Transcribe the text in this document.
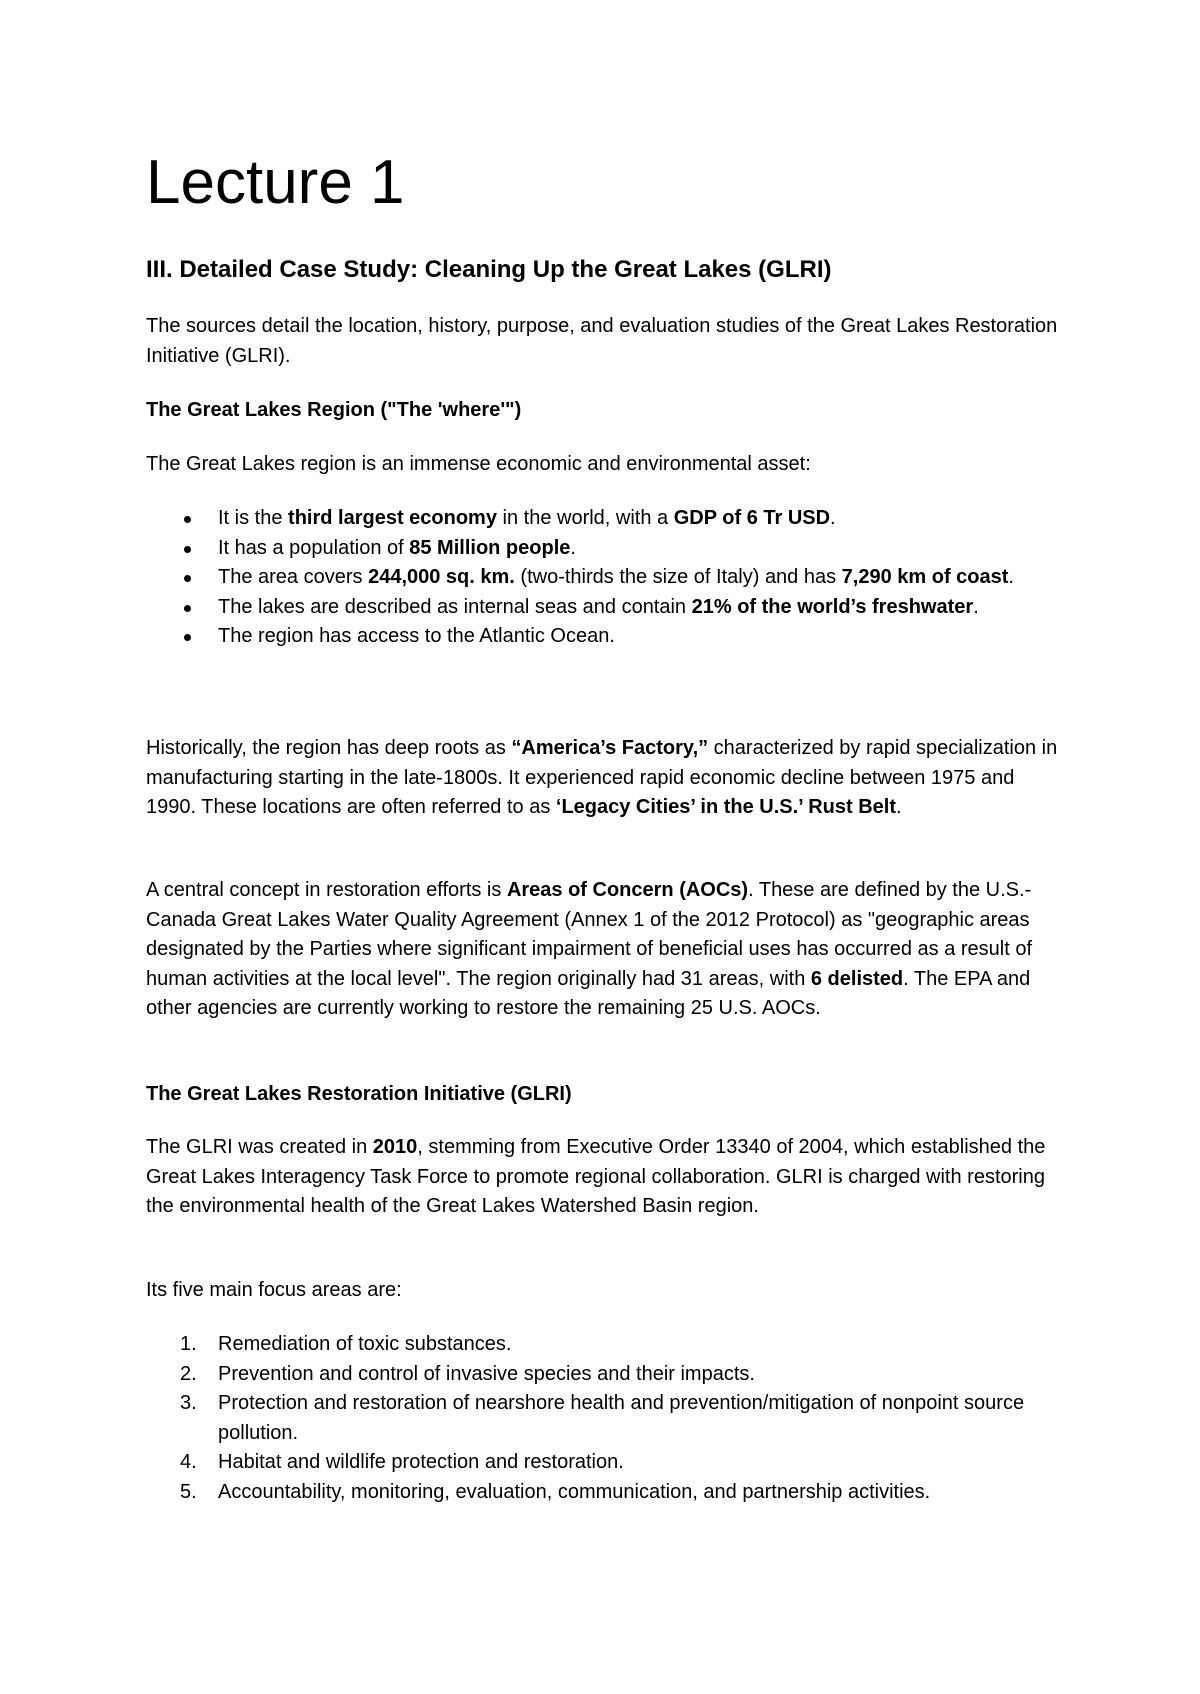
Lecture 1
III. Detailed Case Study: Cleaning Up the Great Lakes (GLRI)

The sources detail the location, history, purpose, and evaluation studies of the Great Lakes Restoration Initiative (GLRI).

The Great Lakes Region ("The 'where'")

The Great Lakes region is an immense economic and environmental asset:

It is the third largest economy in the world, with a GDP of 6 Tr USD.
It has a population of 85 Million people.
The area covers 244,000 sq. km. (two-thirds the size of Italy) and has 7,290 km of coast.
The lakes are described as internal seas and contain 21% of the world’s freshwater.
The region has access to the Atlantic Ocean.

Historically, the region has deep roots as “America’s Factory,” characterized by rapid specialization in manufacturing starting in the late-1800s. It experienced rapid economic decline between 1975 and 1990. These locations are often referred to as ‘Legacy Cities’ in the U.S.’ Rust Belt.

A central concept in restoration efforts is Areas of Concern (AOCs). These are defined by the U.S.-Canada Great Lakes Water Quality Agreement (Annex 1 of the 2012 Protocol) as "geographic areas designated by the Parties where significant impairment of beneficial uses has occurred as a result of human activities at the local level". The region originally had 31 areas, with 6 delisted. The EPA and other agencies are currently working to restore the remaining 25 U.S. AOCs.

The Great Lakes Restoration Initiative (GLRI)

The GLRI was created in 2010, stemming from Executive Order 13340 of 2004, which established the Great Lakes Interagency Task Force to promote regional collaboration. GLRI is charged with restoring the environmental health of the Great Lakes Watershed Basin region.

Its five main focus areas are:

1. Remediation of toxic substances.
2. Prevention and control of invasive species and their impacts.
3. Protection and restoration of nearshore health and prevention/mitigation of nonpoint source pollution.
4. Habitat and wildlife protection and restoration.
5. Accountability, monitoring, evaluation, communication, and partnership activities.
